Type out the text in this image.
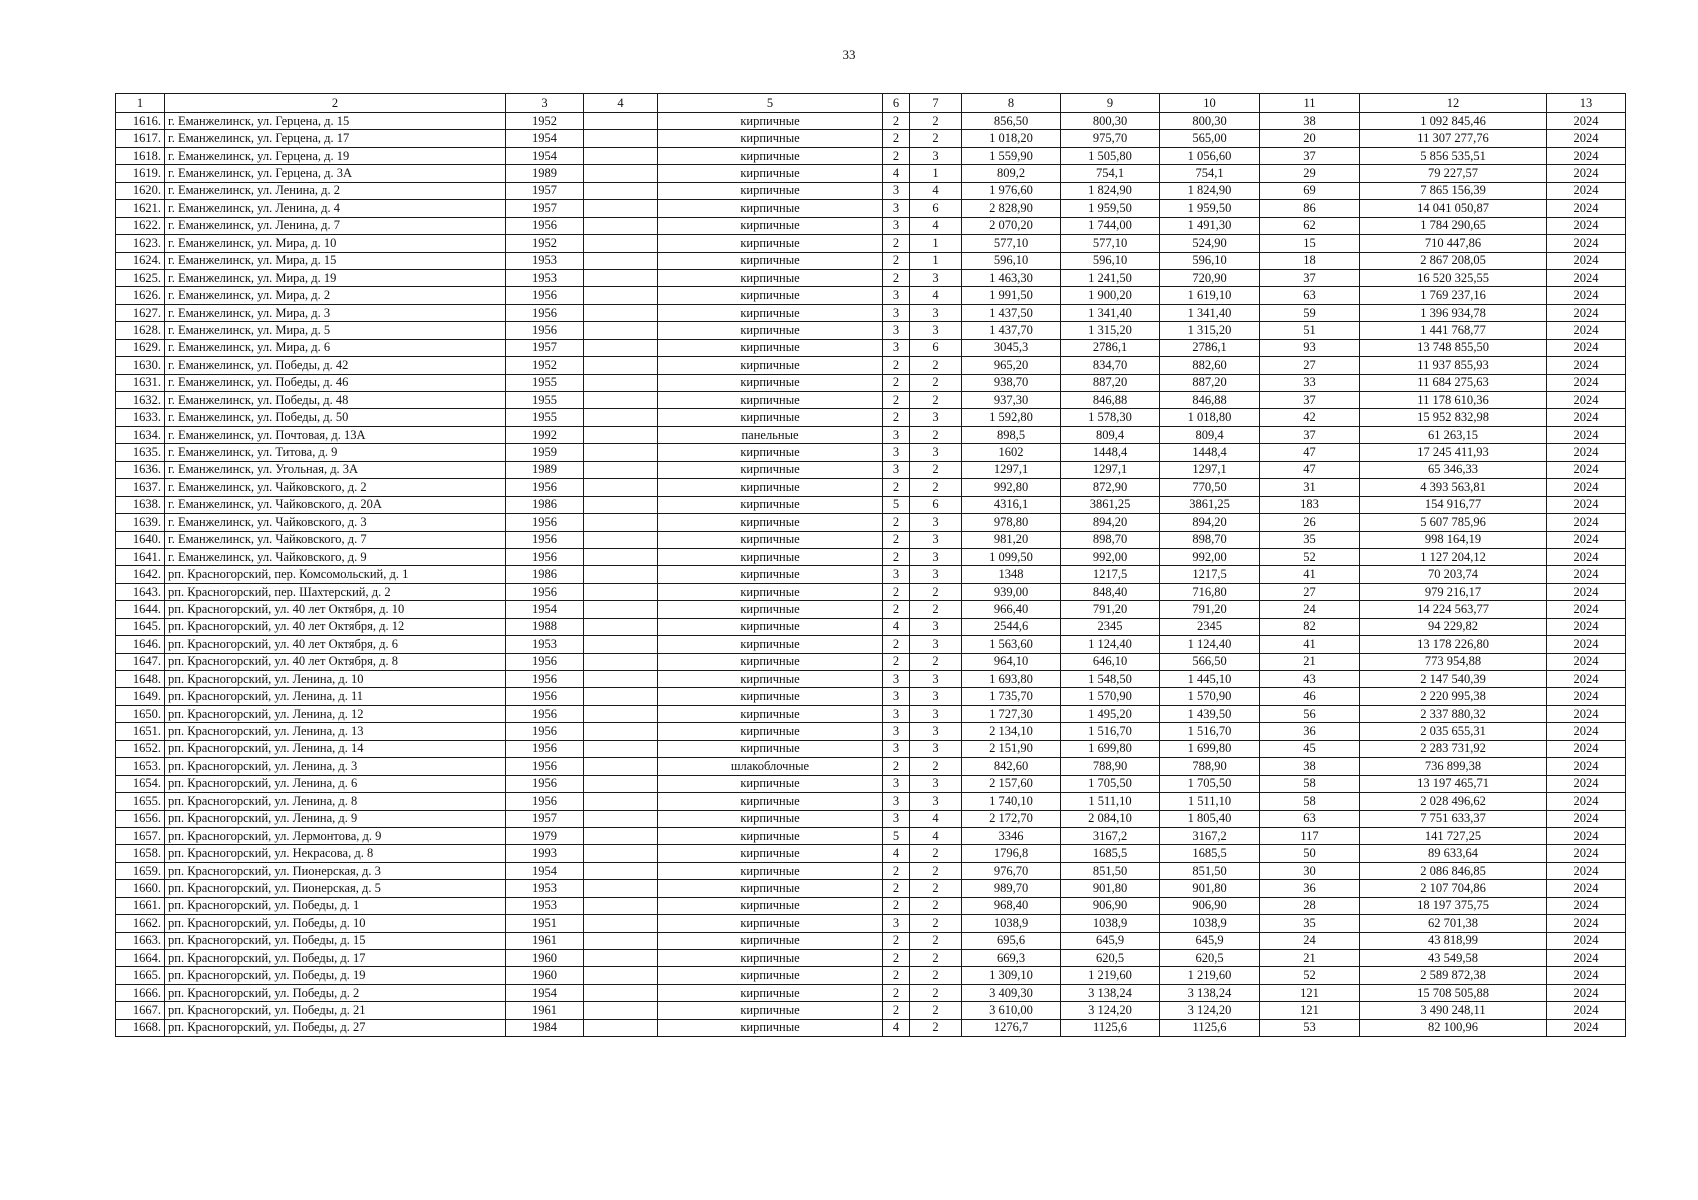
33
1	2	3	4	5	6	7	8	9	10	11	12	13
1616.	г. Еманжелинск, ул. Герцена, д. 15	1952		кирпичные	2	2	856,50	800,30	800,30	38	1 092 845,46	2024
1617.	г. Еманжелинск, ул. Герцена, д. 17	1954		кирпичные	2	2	1 018,20	975,70	565,00	20	11 307 277,76	2024
1618.	г. Еманжелинск, ул. Герцена, д. 19	1954		кирпичные	2	3	1 559,90	1 505,80	1 056,60	37	5 856 535,51	2024
1619.	г. Еманжелинск, ул. Герцена, д. 3А	1989		кирпичные	4	1	809,2	754,1	754,1	29	79 227,57	2024
1620.	г. Еманжелинск, ул. Ленина, д. 2	1957		кирпичные	3	4	1 976,60	1 824,90	1 824,90	69	7 865 156,39	2024
1621.	г. Еманжелинск, ул. Ленина, д. 4	1957		кирпичные	3	6	2 828,90	1 959,50	1 959,50	86	14 041 050,87	2024
1622.	г. Еманжелинск, ул. Ленина, д. 7	1956		кирпичные	3	4	2 070,20	1 744,00	1 491,30	62	1 784 290,65	2024
1623.	г. Еманжелинск, ул. Мира, д. 10	1952		кирпичные	2	1	577,10	577,10	524,90	15	710 447,86	2024
1624.	г. Еманжелинск, ул. Мира, д. 15	1953		кирпичные	2	1	596,10	596,10	596,10	18	2 867 208,05	2024
1625.	г. Еманжелинск, ул. Мира, д. 19	1953		кирпичные	2	3	1 463,30	1 241,50	720,90	37	16 520 325,55	2024
1626.	г. Еманжелинск, ул. Мира, д. 2	1956		кирпичные	3	4	1 991,50	1 900,20	1 619,10	63	1 769 237,16	2024
1627.	г. Еманжелинск, ул. Мира, д. 3	1956		кирпичные	3	3	1 437,50	1 341,40	1 341,40	59	1 396 934,78	2024
1628.	г. Еманжелинск, ул. Мира, д. 5	1956		кирпичные	3	3	1 437,70	1 315,20	1 315,20	51	1 441 768,77	2024
1629.	г. Еманжелинск, ул. Мира, д. 6	1957		кирпичные	3	6	3045,3	2786,1	2786,1	93	13 748 855,50	2024
1630.	г. Еманжелинск, ул. Победы, д. 42	1952		кирпичные	2	2	965,20	834,70	882,60	27	11 937 855,93	2024
1631.	г. Еманжелинск, ул. Победы, д. 46	1955		кирпичные	2	2	938,70	887,20	887,20	33	11 684 275,63	2024
1632.	г. Еманжелинск, ул. Победы, д. 48	1955		кирпичные	2	2	937,30	846,88	846,88	37	11 178 610,36	2024
1633.	г. Еманжелинск, ул. Победы, д. 50	1955		кирпичные	2	3	1 592,80	1 578,30	1 018,80	42	15 952 832,98	2024
1634.	г. Еманжелинск, ул. Почтовая, д. 13А	1992		панельные	3	2	898,5	809,4	809,4	37	61 263,15	2024
1635.	г. Еманжелинск, ул. Титова, д. 9	1959		кирпичные	3	3	1602	1448,4	1448,4	47	17 245 411,93	2024
1636.	г. Еманжелинск, ул. Угольная, д. 3А	1989		кирпичные	3	2	1297,1	1297,1	1297,1	47	65 346,33	2024
1637.	г. Еманжелинск, ул. Чайковского, д. 2	1956		кирпичные	2	2	992,80	872,90	770,50	31	4 393 563,81	2024
1638.	г. Еманжелинск, ул. Чайковского, д. 20А	1986		кирпичные	5	6	4316,1	3861,25	3861,25	183	154 916,77	2024
1639.	г. Еманжелинск, ул. Чайковского, д. 3	1956		кирпичные	2	3	978,80	894,20	894,20	26	5 607 785,96	2024
1640.	г. Еманжелинск, ул. Чайковского, д. 7	1956		кирпичные	2	3	981,20	898,70	898,70	35	998 164,19	2024
1641.	г. Еманжелинск, ул. Чайковского, д. 9	1956		кирпичные	2	3	1 099,50	992,00	992,00	52	1 127 204,12	2024
1642.	рп. Красногорский, пер. Комсомольский, д. 1	1986		кирпичные	3	3	1348	1217,5	1217,5	41	70 203,74	2024
1643.	рп. Красногорский, пер. Шахтерский, д. 2	1956		кирпичные	2	2	939,00	848,40	716,80	27	979 216,17	2024
1644.	рп. Красногорский, ул. 40 лет Октября, д. 10	1954		кирпичные	2	2	966,40	791,20	791,20	24	14 224 563,77	2024
1645.	рп. Красногорский, ул. 40 лет Октября, д. 12	1988		кирпичные	4	3	2544,6	2345	2345	82	94 229,82	2024
1646.	рп. Красногорский, ул. 40 лет Октября, д. 6	1953		кирпичные	2	3	1 563,60	1 124,40	1 124,40	41	13 178 226,80	2024
1647.	рп. Красногорский, ул. 40 лет Октября, д. 8	1956		кирпичные	2	2	964,10	646,10	566,50	21	773 954,88	2024
1648.	рп. Красногорский, ул. Ленина, д. 10	1956		кирпичные	3	3	1 693,80	1 548,50	1 445,10	43	2 147 540,39	2024
1649.	рп. Красногорский, ул. Ленина, д. 11	1956		кирпичные	3	3	1 735,70	1 570,90	1 570,90	46	2 220 995,38	2024
1650.	рп. Красногорский, ул. Ленина, д. 12	1956		кирпичные	3	3	1 727,30	1 495,20	1 439,50	56	2 337 880,32	2024
1651.	рп. Красногорский, ул. Ленина, д. 13	1956		кирпичные	3	3	2 134,10	1 516,70	1 516,70	36	2 035 655,31	2024
1652.	рп. Красногорский, ул. Ленина, д. 14	1956		кирпичные	3	3	2 151,90	1 699,80	1 699,80	45	2 283 731,92	2024
1653.	рп. Красногорский, ул. Ленина, д. 3	1956		шлакоблочные	2	2	842,60	788,90	788,90	38	736 899,38	2024
1654.	рп. Красногорский, ул. Ленина, д. 6	1956		кирпичные	3	3	2 157,60	1 705,50	1 705,50	58	13 197 465,71	2024
1655.	рп. Красногорский, ул. Ленина, д. 8	1956		кирпичные	3	3	1 740,10	1 511,10	1 511,10	58	2 028 496,62	2024
1656.	рп. Красногорский, ул. Ленина, д. 9	1957		кирпичные	3	4	2 172,70	2 084,10	1 805,40	63	7 751 633,37	2024
1657.	рп. Красногорский, ул. Лермонтова, д. 9	1979		кирпичные	5	4	3346	3167,2	3167,2	117	141 727,25	2024
1658.	рп. Красногорский, ул. Некрасова, д. 8	1993		кирпичные	4	2	1796,8	1685,5	1685,5	50	89 633,64	2024
1659.	рп. Красногорский, ул. Пионерская, д. 3	1954		кирпичные	2	2	976,70	851,50	851,50	30	2 086 846,85	2024
1660.	рп. Красногорский, ул. Пионерская, д. 5	1953		кирпичные	2	2	989,70	901,80	901,80	36	2 107 704,86	2024
1661.	рп. Красногорский, ул. Победы, д. 1	1953		кирпичные	2	2	968,40	906,90	906,90	28	18 197 375,75	2024
1662.	рп. Красногорский, ул. Победы, д. 10	1951		кирпичные	3	2	1038,9	1038,9	1038,9	35	62 701,38	2024
1663.	рп. Красногорский, ул. Победы, д. 15	1961		кирпичные	2	2	695,6	645,9	645,9	24	43 818,99	2024
1664.	рп. Красногорский, ул. Победы, д. 17	1960		кирпичные	2	2	669,3	620,5	620,5	21	43 549,58	2024
1665.	рп. Красногорский, ул. Победы, д. 19	1960		кирпичные	2	2	1 309,10	1 219,60	1 219,60	52	2 589 872,38	2024
1666.	рп. Красногорский, ул. Победы, д. 2	1954		кирпичные	2	2	3 409,30	3 138,24	3 138,24	121	15 708 505,88	2024
1667.	рп. Красногорский, ул. Победы, д. 21	1961		кирпичные	2	2	3 610,00	3 124,20	3 124,20	121	3 490 248,11	2024
1668.	рп. Красногорский, ул. Победы, д. 27	1984		кирпичные	4	2	1276,7	1125,6	1125,6	53	82 100,96	2024
